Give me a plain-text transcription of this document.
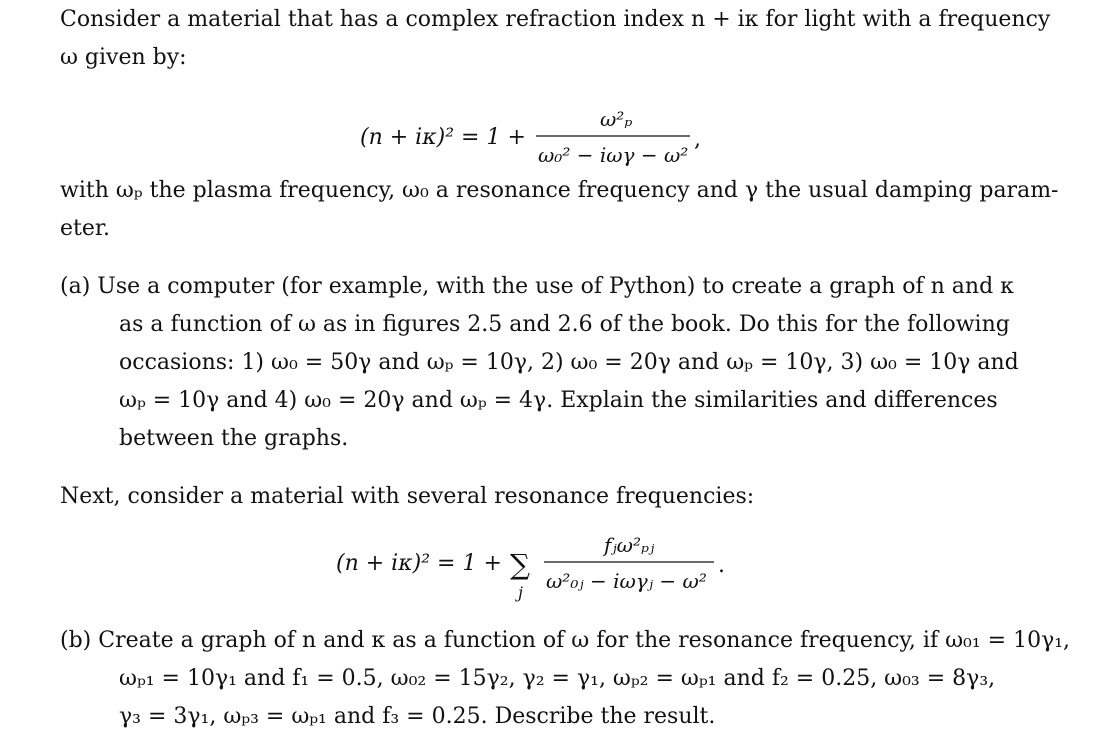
Consider a material that has a complex refraction index n + iκ for light with a frequency
ω given by:
(n + iκ)² = 1 +
ω²ₚ
ω₀² − iωγ − ω²
,
with ωₚ the plasma frequency, ω₀ a resonance frequency and γ the usual damping param-
eter.
(a) Use a computer (for example, with the use of Python) to create a graph of n and κ
as a function of ω as in figures 2.5 and 2.6 of the book. Do this for the following
occasions: 1) ω₀ = 50γ and ωₚ = 10γ, 2) ω₀ = 20γ and ωₚ = 10γ, 3) ω₀ = 10γ and
ωₚ = 10γ and 4) ω₀ = 20γ and ωₚ = 4γ. Explain the similarities and differences
between the graphs.
Next, consider a material with several resonance frequencies:
(n + iκ)² = 1 + ∑
j
fⱼω²ₚⱼ
ω²₀ⱼ − iωγⱼ − ω²
.
(b) Create a graph of n and κ as a function of ω for the resonance frequency, if ω₀₁ = 10γ₁,
ωₚ₁ = 10γ₁ and f₁ = 0.5, ω₀₂ = 15γ₂, γ₂ = γ₁, ωₚ₂ = ωₚ₁ and f₂ = 0.25, ω₀₃ = 8γ₃,
γ₃ = 3γ₁, ωₚ₃ = ωₚ₁ and f₃ = 0.25. Describe the result.
